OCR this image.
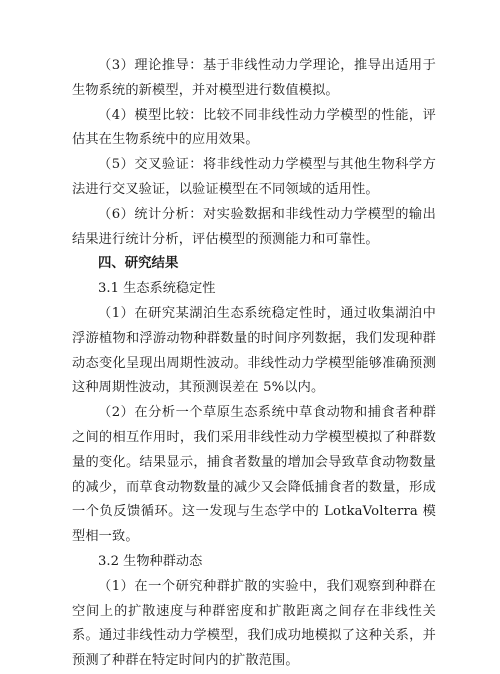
（3）理论推导：基于非线性动力学理论，推导出适用于生物系统的新模型，并对模型进行数值模拟。

（4）模型比较：比较不同非线性动力学模型的性能，评估其在生物系统中的应用效果。

（5）交叉验证：将非线性动力学模型与其他生物科学方法进行交叉验证，以验证模型在不同领域的适用性。

（6）统计分析：对实验数据和非线性动力学模型的输出结果进行统计分析，评估模型的预测能力和可靠性。

四、研究结果

3.1 生态系统稳定性

（1）在研究某湖泊生态系统稳定性时，通过收集湖泊中浮游植物和浮游动物种群数量的时间序列数据，我们发现种群动态变化呈现出周期性波动。非线性动力学模型能够准确预测这种周期性波动，其预测误差在 5%以内。

（2）在分析一个草原生态系统中草食动物和捕食者种群之间的相互作用时，我们采用非线性动力学模型模拟了种群数量的变化。结果显示，捕食者数量的增加会导致草食动物数量的减少，而草食动物数量的减少又会降低捕食者的数量，形成一个负反馈循环。这一发现与生态学中的 LotkaVolterra 模型相一致。

3.2 生物种群动态

（1）在一个研究种群扩散的实验中，我们观察到种群在空间上的扩散速度与种群密度和扩散距离之间存在非线性关系。通过非线性动力学模型，我们成功地模拟了这种关系，并预测了种群在特定时间内的扩散范围。
